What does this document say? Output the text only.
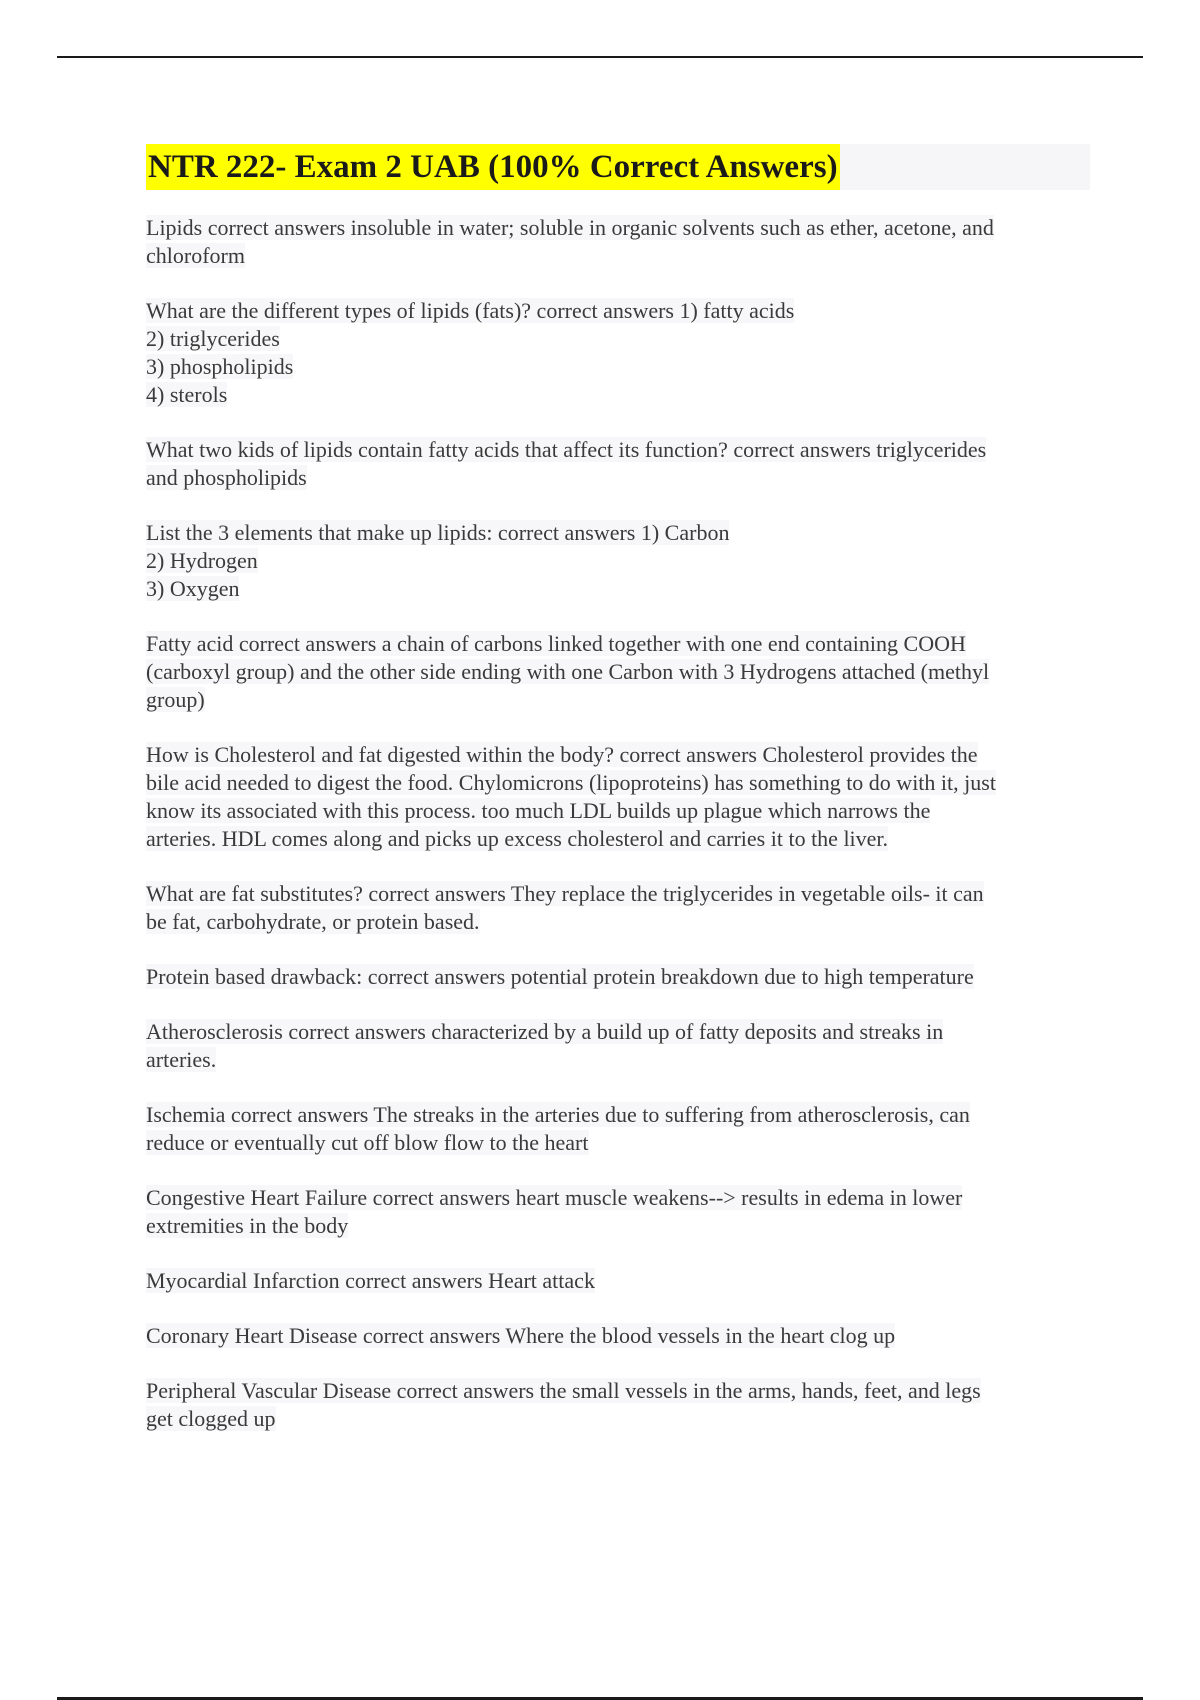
NTR 222- Exam 2 UAB (100% Correct Answers)
Lipids correct answers insoluble in water; soluble in organic solvents such as ether, acetone, and
chloroform
What are the different types of lipids (fats)? correct answers 1) fatty acids
2) triglycerides
3) phospholipids
4) sterols
What two kids of lipids contain fatty acids that affect its function? correct answers triglycerides
and phospholipids
List the 3 elements that make up lipids: correct answers 1) Carbon
2) Hydrogen
3) Oxygen
Fatty acid correct answers a chain of carbons linked together with one end containing COOH
(carboxyl group) and the other side ending with one Carbon with 3 Hydrogens attached (methyl
group)
How is Cholesterol and fat digested within the body? correct answers Cholesterol provides the
bile acid needed to digest the food. Chylomicrons (lipoproteins) has something to do with it, just
know its associated with this process. too much LDL builds up plague which narrows the
arteries. HDL comes along and picks up excess cholesterol and carries it to the liver.
What are fat substitutes? correct answers They replace the triglycerides in vegetable oils- it can
be fat, carbohydrate, or protein based.
Protein based drawback: correct answers potential protein breakdown due to high temperature
Atherosclerosis correct answers characterized by a build up of fatty deposits and streaks in
arteries.
Ischemia correct answers The streaks in the arteries due to suffering from atherosclerosis, can
reduce or eventually cut off blow flow to the heart
Congestive Heart Failure correct answers heart muscle weakens--> results in edema in lower
extremities in the body
Myocardial Infarction correct answers Heart attack
Coronary Heart Disease correct answers Where the blood vessels in the heart clog up
Peripheral Vascular Disease correct answers the small vessels in the arms, hands, feet, and legs
get clogged up
